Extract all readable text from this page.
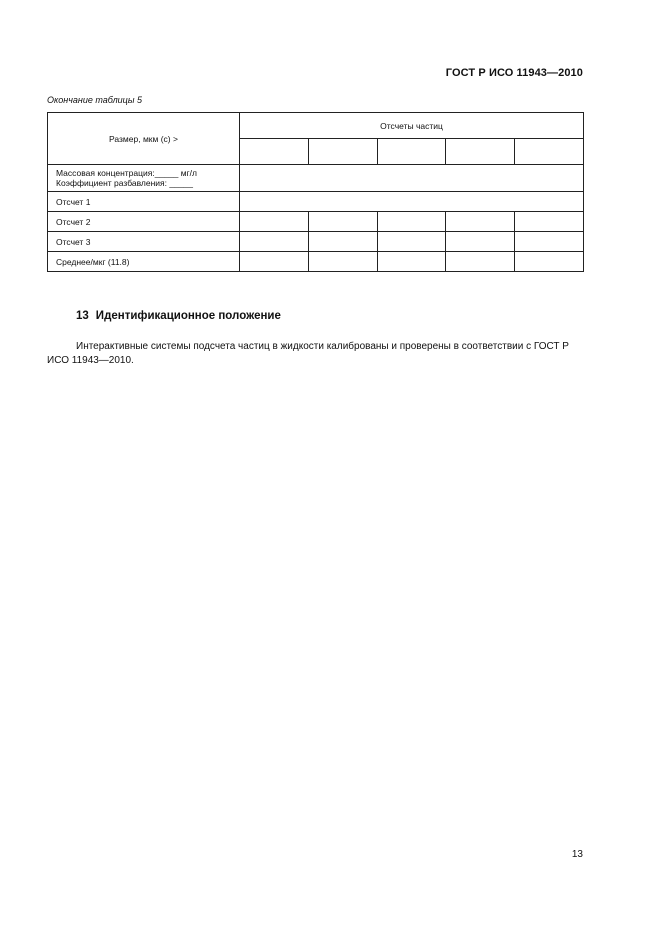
ГОСТ Р ИСО 11943—2010
Окончание таблицы 5
Размер, мкм (c) >	Отсчеты частиц				

Массовая концентрация:_____ мг/л
Коэффициент разбавления: _____					

Отсчет 1					
Отсчет 2					
Отсчет 3					
Среднее/мкг (11.8)					
13 Идентификационное положение

Интерактивные системы подсчета частиц в жидкости калиброваны и проверены в соответствии с ГОСТ Р ИСО 11943—2010.

13
